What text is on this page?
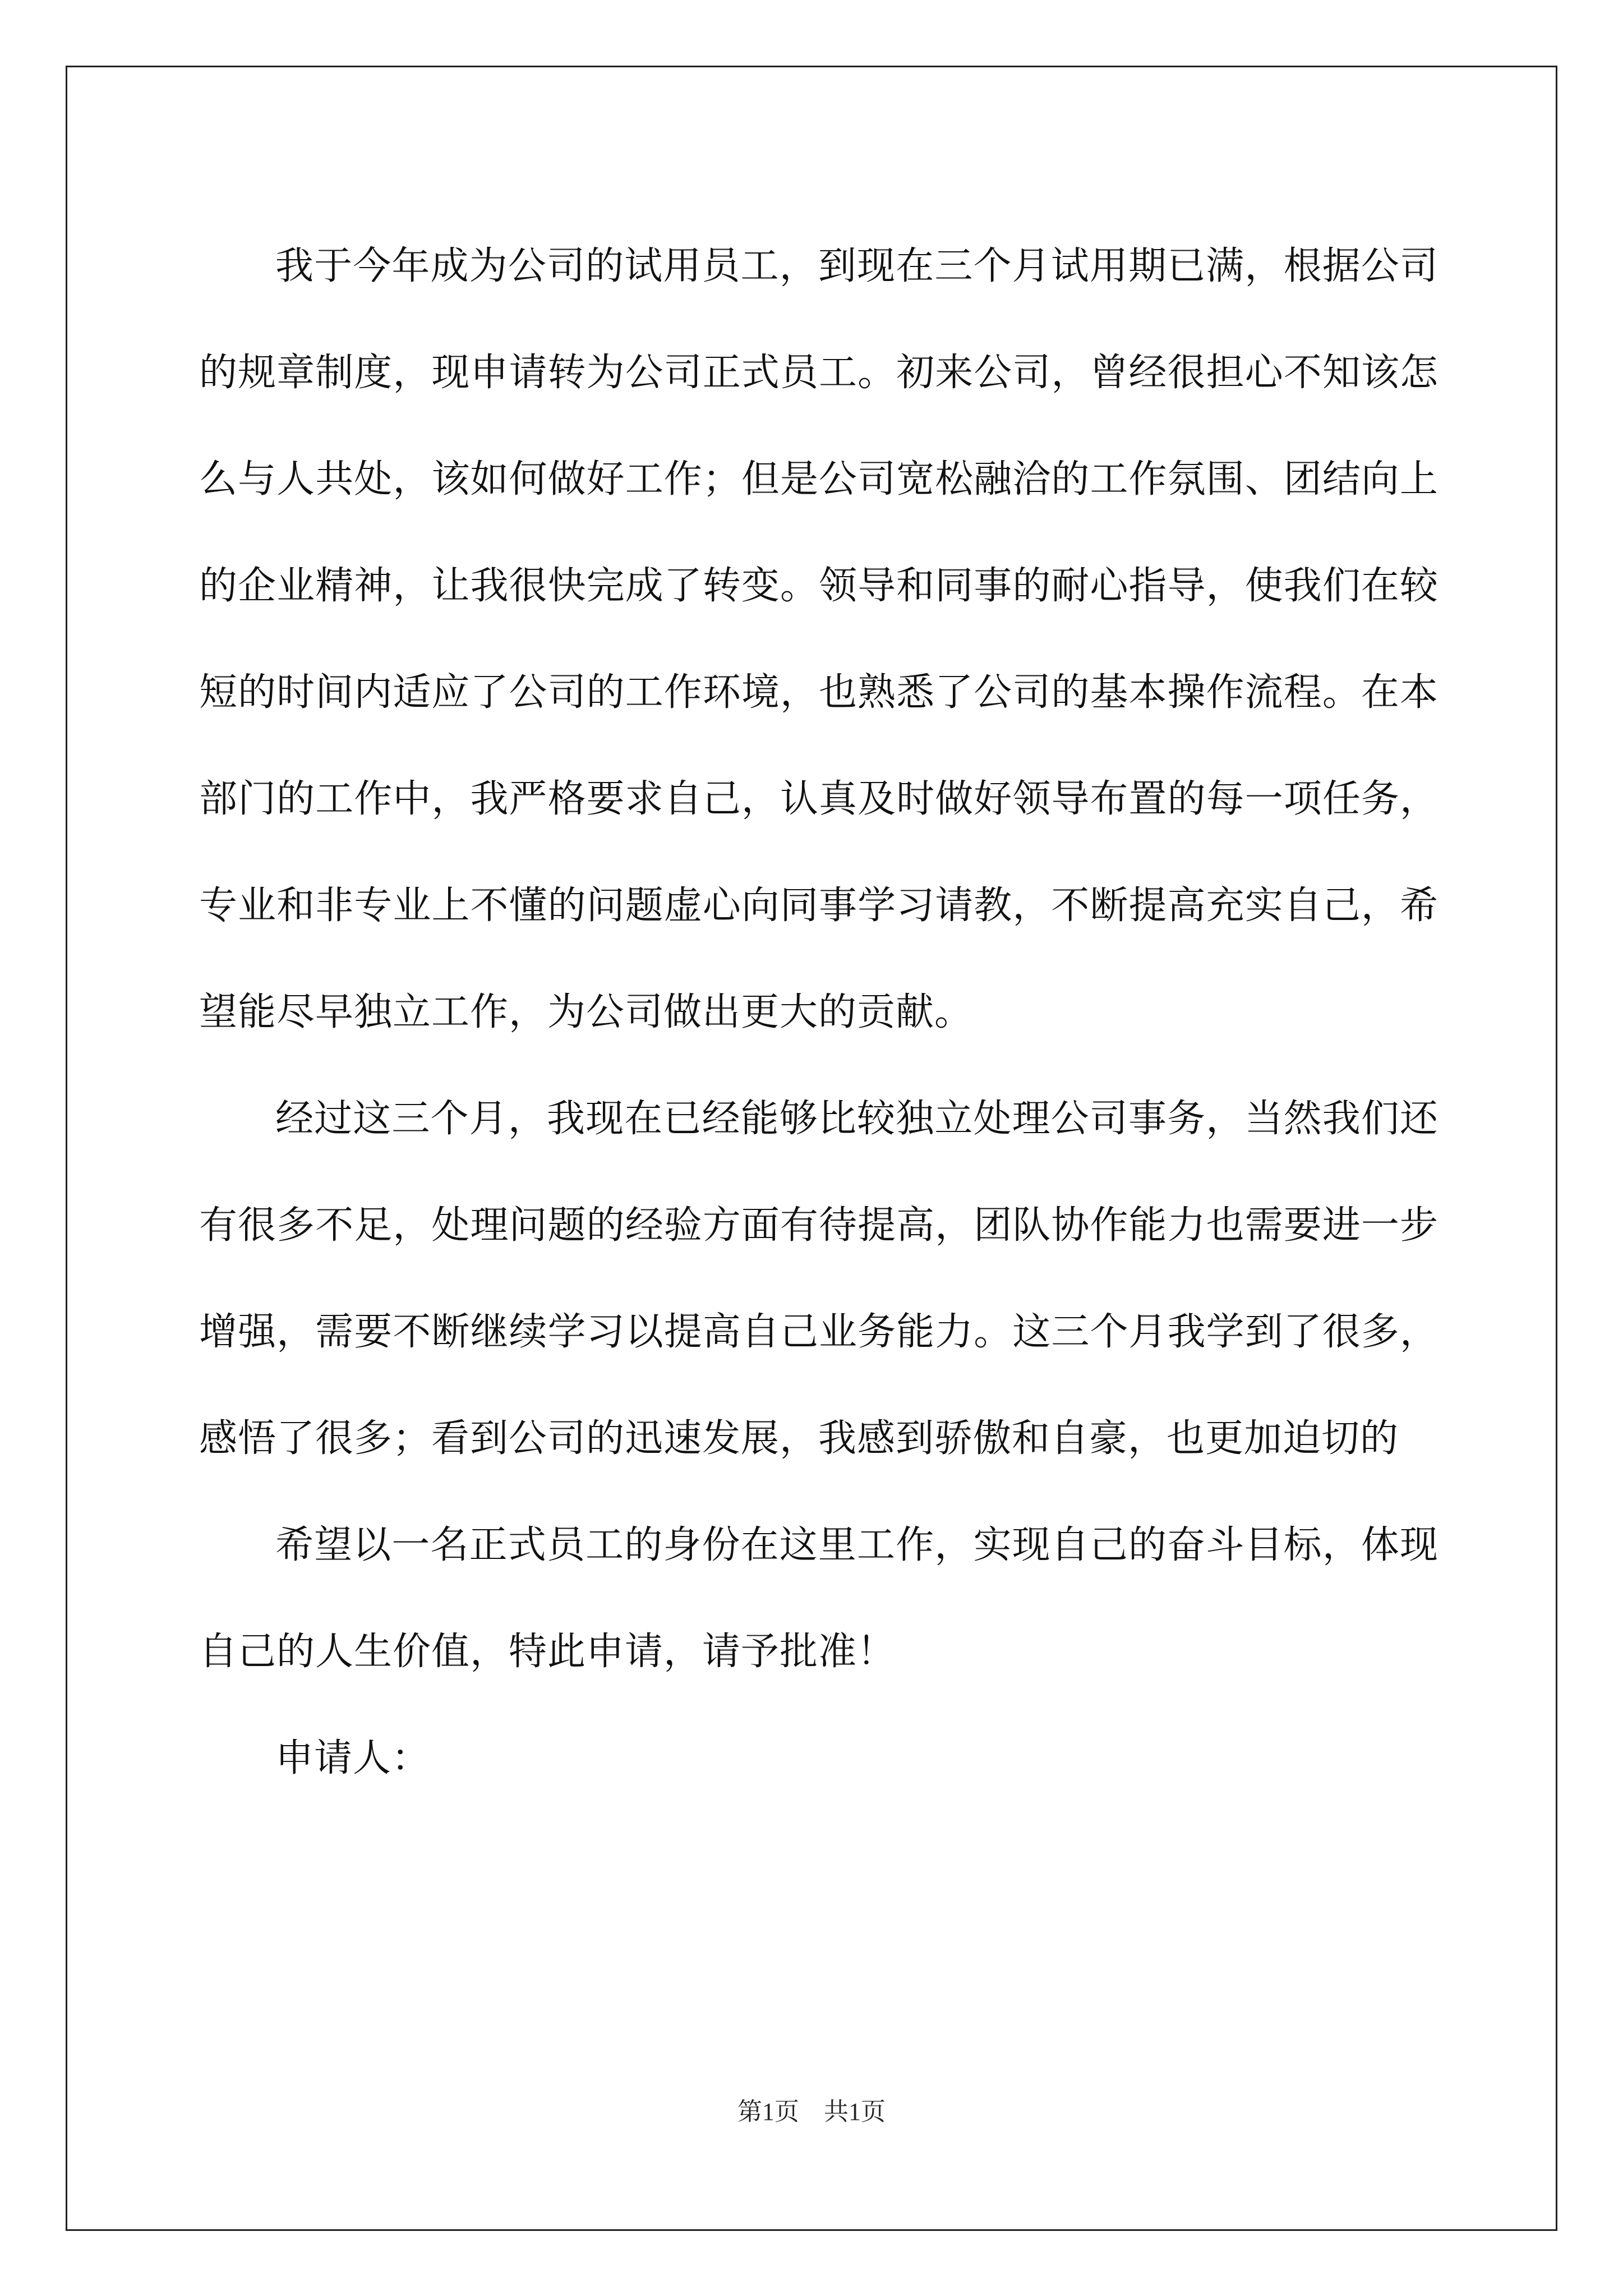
我于今年成为公司的试用员工，到现在三个月试用期已满，根据公司的规章制度，现申请转为公司正式员工。初来公司，曾经很担心不知该怎么与人共处，该如何做好工作；但是公司宽松融洽的工作氛围、团结向上的企业精神，让我很快完成了转变。领导和同事的耐心指导，使我们在较短的时间内适应了公司的工作环境，也熟悉了公司的基本操作流程。在本部门的工作中，我严格要求自己，认真及时做好领导布置的每一项任务，专业和非专业上不懂的问题虚心向同事学习请教，不断提高充实自己，希望能尽早独立工作，为公司做出更大的贡献。

经过这三个月，我现在已经能够比较独立处理公司事务，当然我们还有很多不足，处理问题的经验方面有待提高，团队协作能力也需要进一步增强，需要不断继续学习以提高自己业务能力。这三个月我学到了很多，感悟了很多；看到公司的迅速发展，我感到骄傲和自豪，也更加迫切的

希望以一名正式员工的身份在这里工作，实现自己的奋斗目标，体现自己的人生价值，特此申请，请予批准！

申请人：

第1页　共1页
